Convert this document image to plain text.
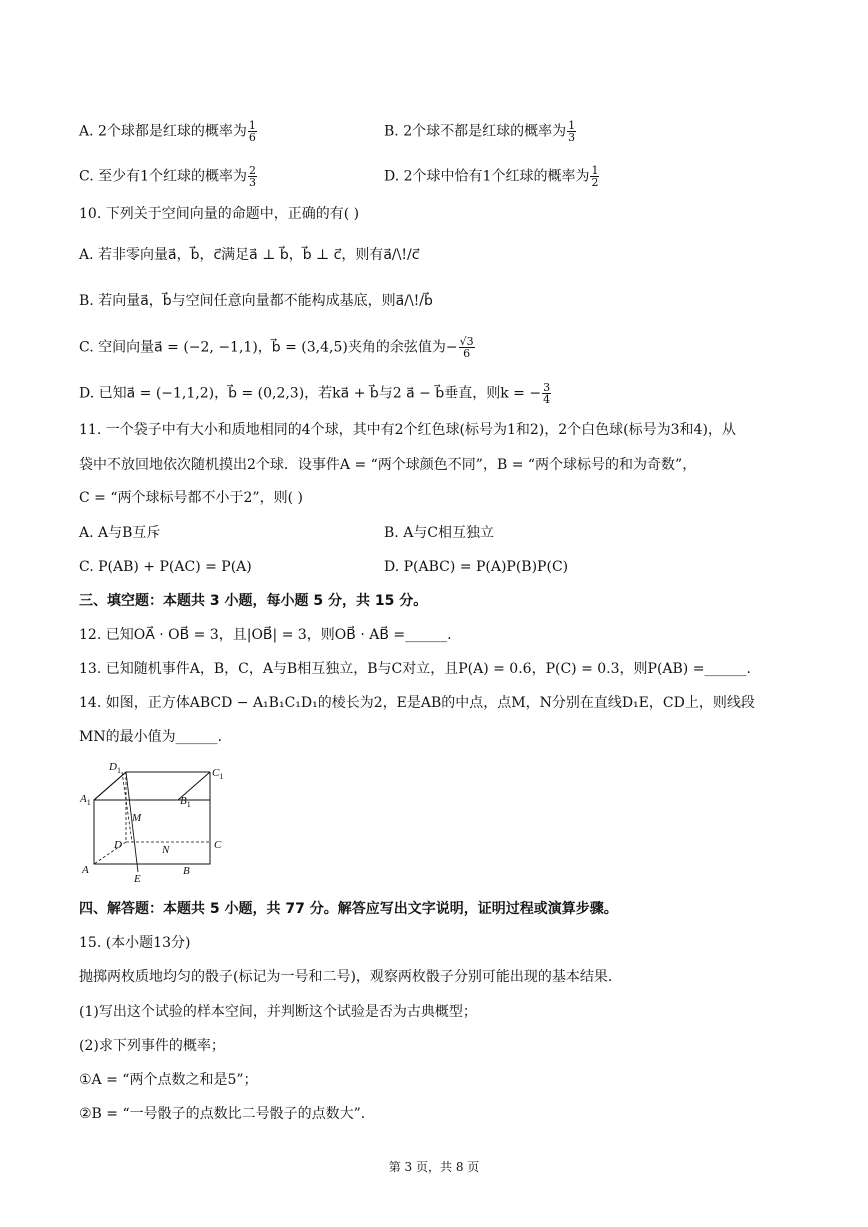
A. 2个球都是红球的概率为 $\frac{1}{6}$	B. 2个球不都是红球的概率为 $\frac{1}{3}$
C. 至少有1个红球的概率为 $\frac{2}{3}$	D. 2个球中恰有1个红球的概率为 $\frac{1}{2}$
10. 下列关于空间向量的命题中，正确的有( )
A. 若非零向量a⃗，b⃗，c⃗满足a⃗ ⊥ b⃗，b⃗ ⊥ c⃗，则有a⃗/\!/c⃗
B. 若向量a⃗，b⃗与空间任意向量都不能构成基底，则a⃗/\!/b⃗
C. 空间向量a⃗ = (−2, −1,1)，b⃗ = (3,4,5)夹角的余弦值为− $\frac{√3}{6}$
D. 已知a⃗ = (−1,1,2)，b⃗ = (0,2,3)，若ka⃗ + b⃗与2 a⃗ − b⃗垂直，则k = − $\frac{3}{4}$
11. 一个袋子中有大小和质地相同的4个球，其中有2个红色球(标号为1和2)，2个白色球(标号为3和4)，从
袋中不放回地依次随机摸出2个球．设事件A = “两个球颜色不同”，B = “两个球标号的和为奇数”，
C = “两个球标号都不小于2”，则( )
A. A与B互斥	B. A与C相互独立
C. P(AB) + P(AC) = P(A)	D. P(ABC) = P(A)P(B)P(C)
三、填空题：本题共 3 小题，每小题 5 分，共 15 分。
12. 已知OA⃗ · OB⃗ = 3，且|OB⃗| = 3，则OB⃗ · AB⃗ =______.
13. 已知随机事件A，B，C，A与B相互独立，B与C对立，且P(A) = 0.6，P(C) = 0.3，则P(AB) =______.
14. 如图，正方体ABCD − A₁B₁C₁D₁的棱长为2，E是AB的中点，点M，N分别在直线D₁E，CD上，则线段
MN的最小值为______.
$D_1$	$C_1$
$A_1$	$B_1$
M
D	N	C
A
E
B
四、解答题：本题共 5 小题，共 77 分。解答应写出文字说明，证明过程或演算步骤。
15. (本小题13分)
抛掷两枚质地均匀的骰子(标记为一号和二号)，观察两枚骰子分别可能出现的基本结果．
(1)写出这个试验的样本空间，并判断这个试验是否为古典概型；
(2)求下列事件的概率；
①A = “两个点数之和是5”；
②B = “一号骰子的点数比二号骰子的点数大”．
第 3 页，共 8 页
